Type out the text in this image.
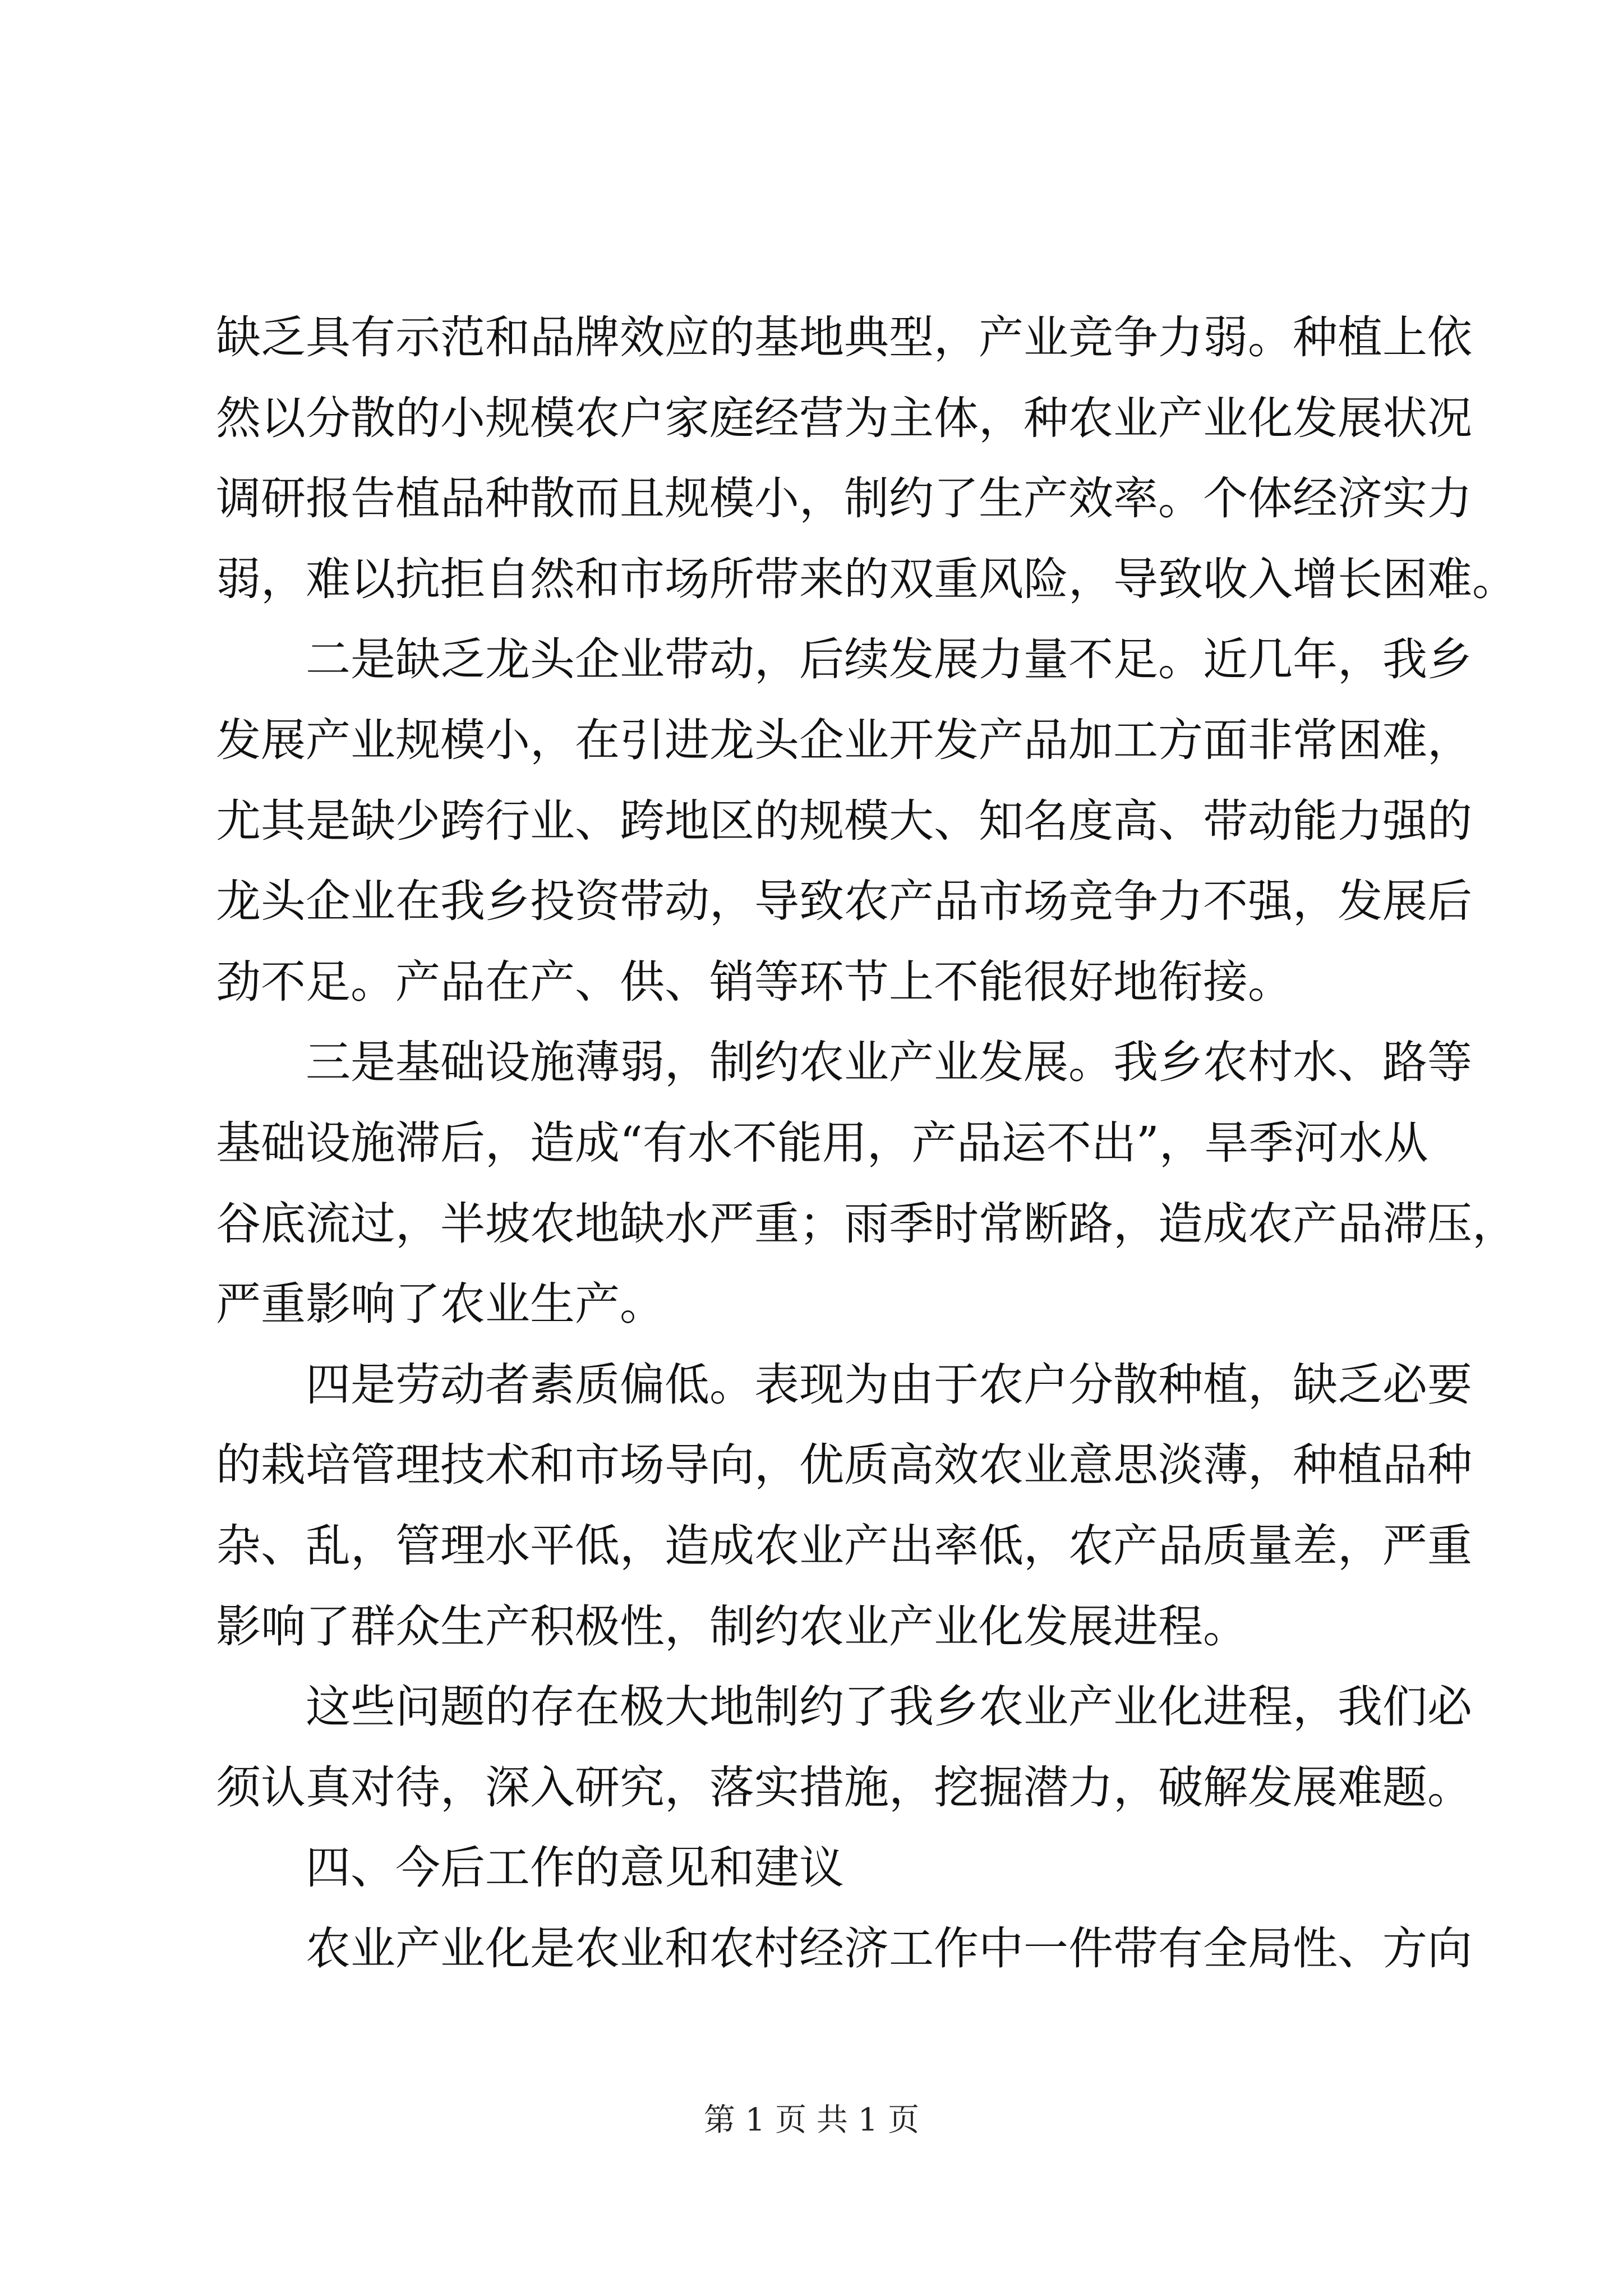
缺乏具有示范和品牌效应的基地典型，产业竞争力弱。种植上依
然以分散的小规模农户家庭经营为主体，种农业产业化发展状况
调研报告植品种散而且规模小，制约了生产效率。个体经济实力
弱，难以抗拒自然和市场所带来的双重风险，导致收入增长困难。
二是缺乏龙头企业带动，后续发展力量不足。近几年，我乡
发展产业规模小，在引进龙头企业开发产品加工方面非常困难，
尤其是缺少跨行业、跨地区的规模大、知名度高、带动能力强的
龙头企业在我乡投资带动，导致农产品市场竞争力不强，发展后
劲不足。产品在产、供、销等环节上不能很好地衔接。
三是基础设施薄弱，制约农业产业发展。我乡农村水、路等
基础设施滞后，造成“有水不能用，产品运不出”，旱季河水从
谷底流过，半坡农地缺水严重；雨季时常断路，造成农产品滞压，
严重影响了农业生产。
四是劳动者素质偏低。表现为由于农户分散种植，缺乏必要
的栽培管理技术和市场导向，优质高效农业意思淡薄，种植品种
杂、乱，管理水平低，造成农业产出率低，农产品质量差，严重
影响了群众生产积极性，制约农业产业化发展进程。
这些问题的存在极大地制约了我乡农业产业化进程，我们必
须认真对待，深入研究，落实措施，挖掘潜力，破解发展难题。
四、今后工作的意见和建议
农业产业化是农业和农村经济工作中一件带有全局性、方向
第 1 页 共 1 页
